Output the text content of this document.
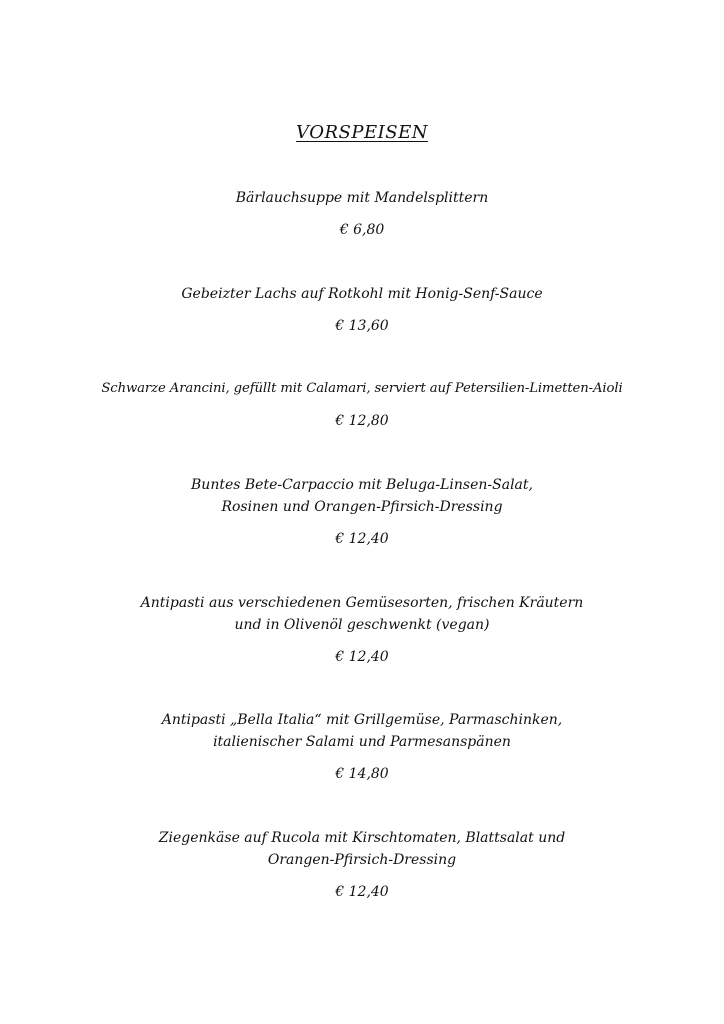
VORSPEISEN
Bärlauchsuppe mit Mandelsplittern
€ 6,80
Gebeizter Lachs auf Rotkohl mit Honig-Senf-Sauce
€ 13,60
Schwarze Arancini, gefüllt mit Calamari, serviert auf Petersilien-Limetten-Aioli
€ 12,80
Buntes Bete-Carpaccio mit Beluga-Linsen-Salat,
Rosinen und Orangen-Pfirsich-Dressing
€ 12,40
Antipasti aus verschiedenen Gemüsesorten, frischen Kräutern
und in Olivenöl geschwenkt (vegan)
€ 12,40
Antipasti „Bella Italia“ mit Grillgemüse, Parmaschinken,
italienischer Salami und Parmesanspänen
€ 14,80
Ziegenkäse auf Rucola mit Kirschtomaten, Blattsalat und
Orangen-Pfirsich-Dressing
€ 12,40
